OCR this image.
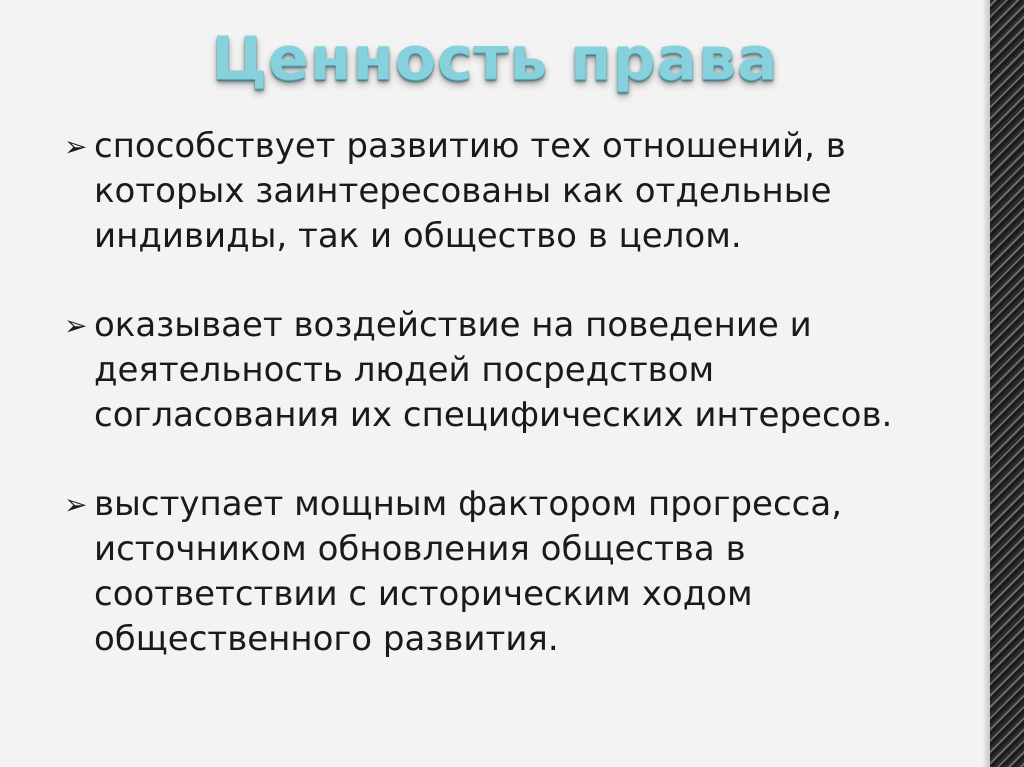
Ценность права
➢ способствует развитию тех отношений, в
которых заинтересованы как отдельные
индивиды, так и общество в целом.
➢ оказывает воздействие на поведение и
деятельность людей посредством
согласования их специфических интересов.
➢ выступает мощным фактором прогресса,
источником обновления общества в
соответствии с историческим ходом
общественного развития.
